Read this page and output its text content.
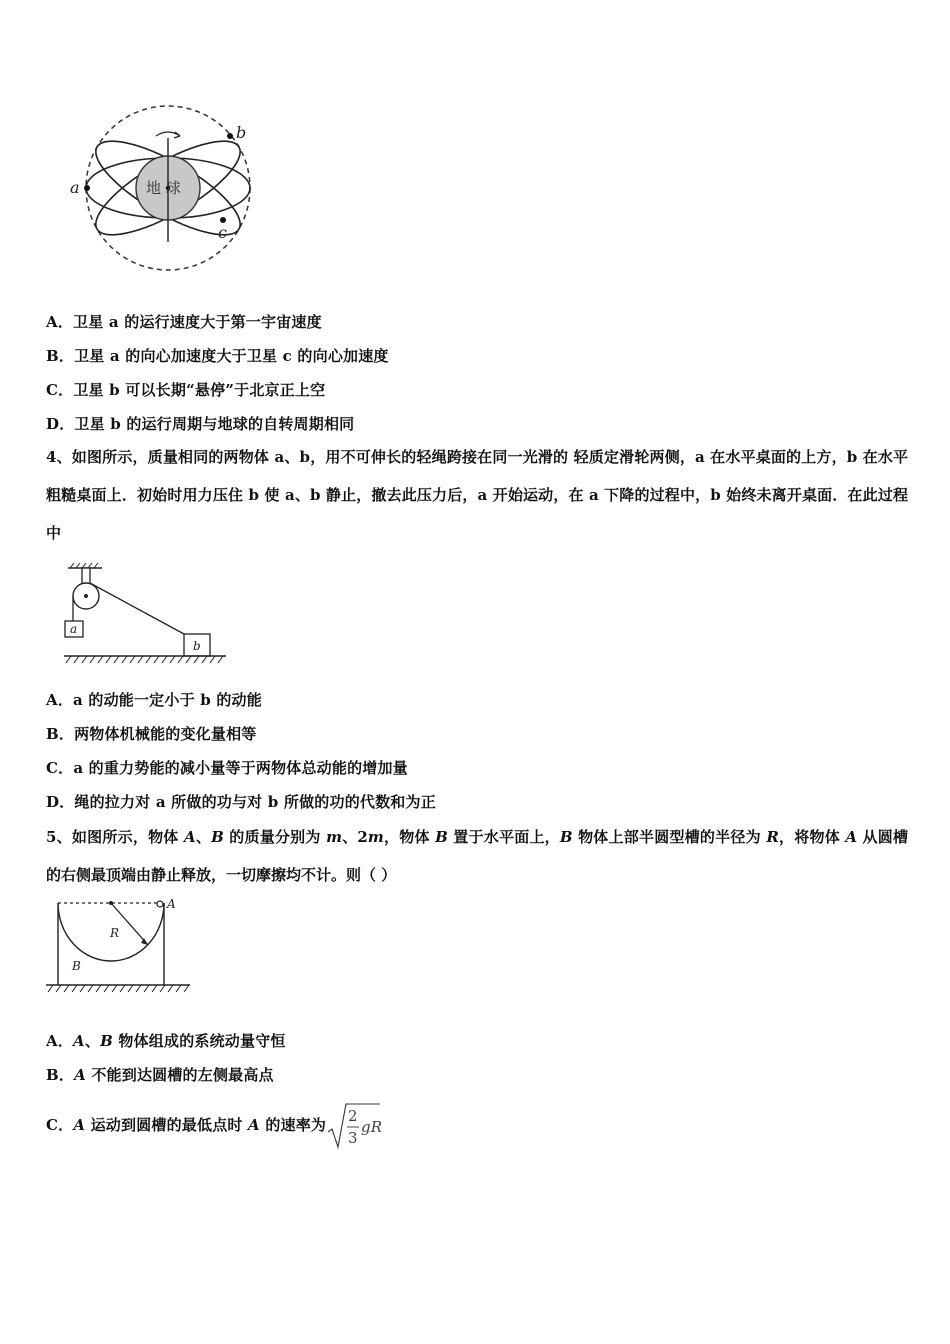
地 球
a
b
c
A．卫星 a 的运行速度大于第一宇宙速度
B．卫星 a 的向心加速度大于卫星 c 的向心加速度
C．卫星 b 可以长期“悬停”于北京正上空
D．卫星 b 的运行周期与地球的自转周期相同
4、如图所示，质量相同的两物体 a、b，用不可伸长的轻绳跨接在同一光滑的 轻质定滑轮两侧，a 在水平桌面的上方，b 在水平粗糙桌面上．初始时用力压住 b 使 a、b 静止，撤去此压力后，a 开始运动，在 a 下降的过程中，b 始终未离开桌面．在此过程中
a
b
A．a 的动能一定小于 b 的动能
B．两物体机械能的变化量相等
C．a 的重力势能的减小量等于两物体总动能的增加量
D．绳的拉力对 a 所做的功与对 b 所做的功的代数和为正
5、如图所示，物体 A、B 的质量分别为 m、2m，物体 B 置于水平面上，B 物体上部半圆型槽的半径为 R，将物体 A 从圆槽的右侧最顶端由静止释放，一切摩擦均不计。则（ ）
A
R
B
A．A、B 物体组成的系统动量守恒
B．A 不能到达圆槽的左侧最高点
C．A 运动到圆槽的最低点时 A 的速率为 2
3
gR
